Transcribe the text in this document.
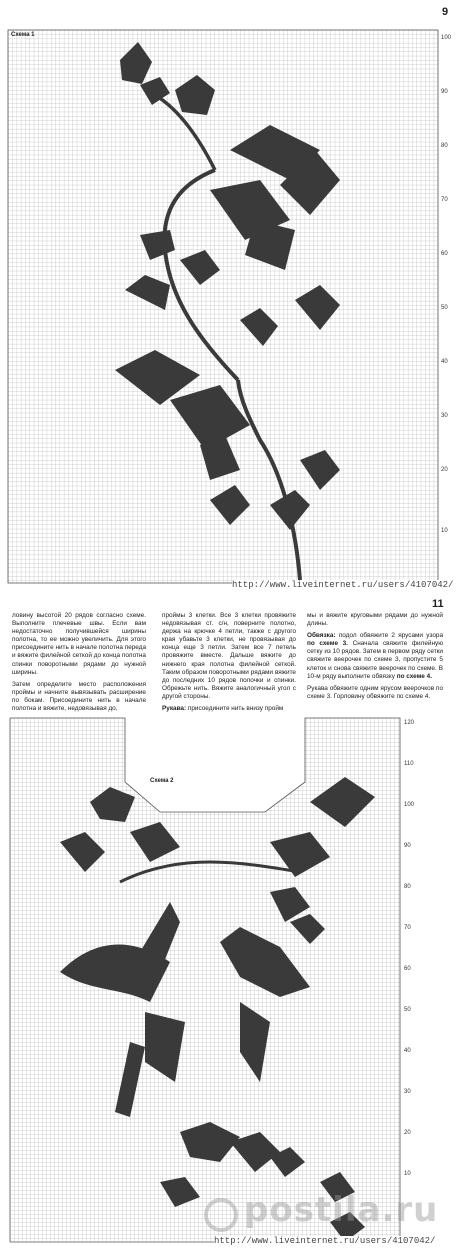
9
Схема 1	100
90
80
70
60
50
40
30
20
10
http://www.liveinternet.ru/users/4107042/
11

ловину высотой 20 рядов согласно схеме. Выполните плечевые швы. Если вам недостаточно получившейся ширины полотна, то ее можно увеличить. Для этого присоедините нить в начале полотна переда и вяжите филейной сеткой до конца полотна спинки поворотными рядами до нужной ширины.

Затем определите место расположения проймы и начните вывязывать расширение по бокам. Присоедините нить в начале полотна и вяжите, недовязывая до,

проймы 3 клетки. Все 3 клетки провяжите недовязывая ст. с/н, поверните полотно, держа на крючке 4 петли, также с другого края убавьте 3 клетки, не провязывая до конца еще 3 петли. Затем все 7 петель провяжите вместе. Дальше вяжите до нижнего края полотна филейной сеткой. Таким образом поворотными рядами вяжите до последних 10 рядов полочки и спинки. Обрежьте нить. Вяжите аналогичный угол с другой стороны.

Рукава: присоедините нить внизу пройм

мы и вяжите круговыми рядами до нужной длины.

Обвязка: подол обвяжите 2 ярусами узора по схеме 3. Сначала свяжите филейную сетку из 10 рядов. Затем в первом ряду сетки свяжите веерочек по схеме 3, пропустите 5 клеток и снова свяжите веерочек по схеме. В 10-м ряду выполните обвязку по схеме 4.

Рукава обвяжите одним ярусом веерочков по схеме 3. Горловину обвяжите по схеме 4.

Схема 2
120
110
100
90
80
70
60
50
40
30
20
10
postila.ru
http://www.liveinternet.ru/users/4107042/
